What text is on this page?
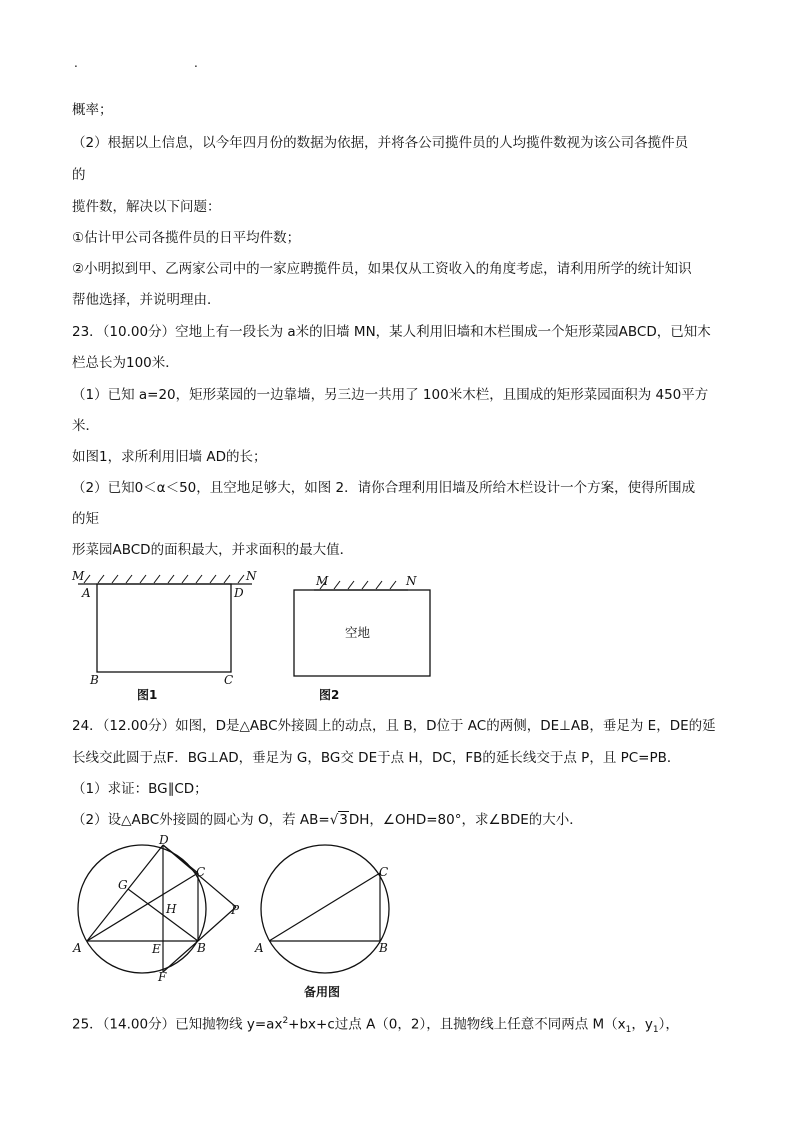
.	.
概率；
（2）根据以上信息，以今年四月份的数据为依据，并将各公司揽件员的人均揽件数视为该公司各揽件员
的
揽件数，解决以下问题：
①估计甲公司各揽件员的日平均件数；
②小明拟到甲、乙两家公司中的一家应聘揽件员，如果仅从工资收入的角度考虑，请利用所学的统计知识
帮他选择，并说明理由．
23．（10.00分）空地上有一段长为 a米的旧墙 MN，某人利用旧墙和木栏围成一个矩形菜园ABCD，已知木
栏总长为100米．
（1）已知 a=20，矩形菜园的一边靠墙，另三边一共用了 100米木栏，且围成的矩形菜园面积为 450平方
米．
如图1，求所利用旧墙 AD的长；
（2）已知0＜α＜50，且空地足够大，如图 2．请你合理利用旧墙及所给木栏设计一个方案，使得所围成
的矩
形菜园ABCD的面积最大，并求面积的最大值．
M	N
A	D
B	C
图1
M	N
空地
图2
24．（12.00分）如图，D是△ABC外接圆上的动点，且 B，D位于 AC的两侧，DE⊥AB，垂足为 E，DE的延
长线交此圆于点F．BG⊥AD，垂足为 G，BG交 DE于点 H，DC，FB的延长线交于点 P，且 PC=PB．
（1）求证：BG∥CD；
（2）设△ABC外接圆的圆心为 O，若 AB=√3DH，∠OHD=80°，求∠BDE的大小．
D
C
G
H	P
A	E	B
F
C
A	B
备用图
25．（14.00分）已知抛物线 $y=ax^2+bx+c$过点 A（0，2），且抛物线上任意不同两点 $M(x_1$，$y_1$），
